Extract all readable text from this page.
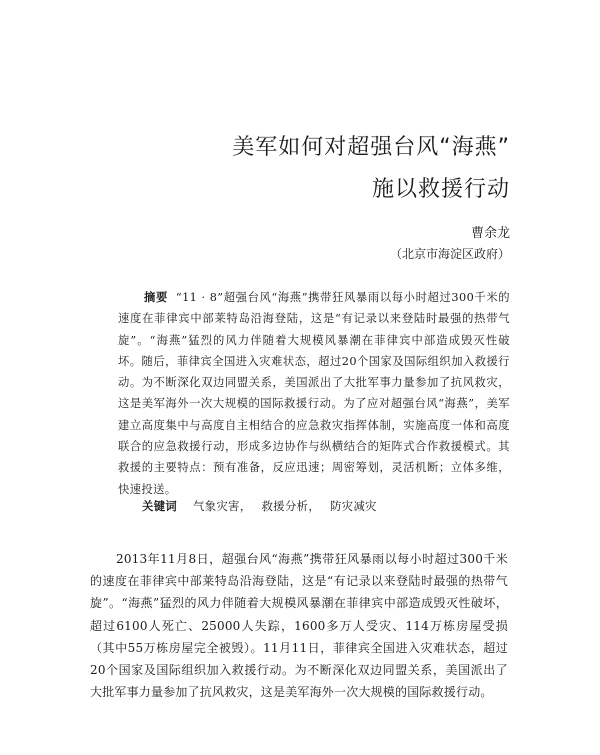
美军如何对超强台风“海燕”
施以救援行动
曹余龙
（北京市海淀区政府）
摘要 “11 · 8”超强台风“海燕”携带狂风暴雨以每小时超过300千米的速度在菲律宾中部莱特岛沿海登陆，这是“有记录以来登陆时最强的热带气旋”。“海燕”猛烈的风力伴随着大规模风暴潮在菲律宾中部造成毁灭性破坏。随后，菲律宾全国进入灾难状态，超过20个国家及国际组织加入救援行动。为不断深化双边同盟关系，美国派出了大批军事力量参加了抗风救灾，这是美军海外一次大规模的国际救援行动。为了应对超强台风“海燕”，美军建立高度集中与高度自主相结合的应急救灾指挥体制，实施高度一体和高度联合的应急救援行动，形成多边协作与纵横结合的矩阵式合作救援模式。其救援的主要特点：预有准备，反应迅速；周密筹划，灵活机断；立体多维，快速投送。
关键词 气象灾害， 救援分析， 防灾减灾
2013年11月8日，超强台风“海燕”携带狂风暴雨以每小时超过300千米的速度在菲律宾中部莱特岛沿海登陆，这是“有记录以来登陆时最强的热带气旋”。“海燕”猛烈的风力伴随着大规模风暴潮在菲律宾中部造成毁灭性破坏，超过6100人死亡、25000人失踪，1600多万人受灾、114万栋房屋受损（其中55万栋房屋完全被毁）。11月11日，菲律宾全国进入灾难状态，超过20个国家及国际组织加入救援行动。为不断深化双边同盟关系，美国派出了大批军事力量参加了抗风救灾，这是美军海外一次大规模的国际救援行动。
